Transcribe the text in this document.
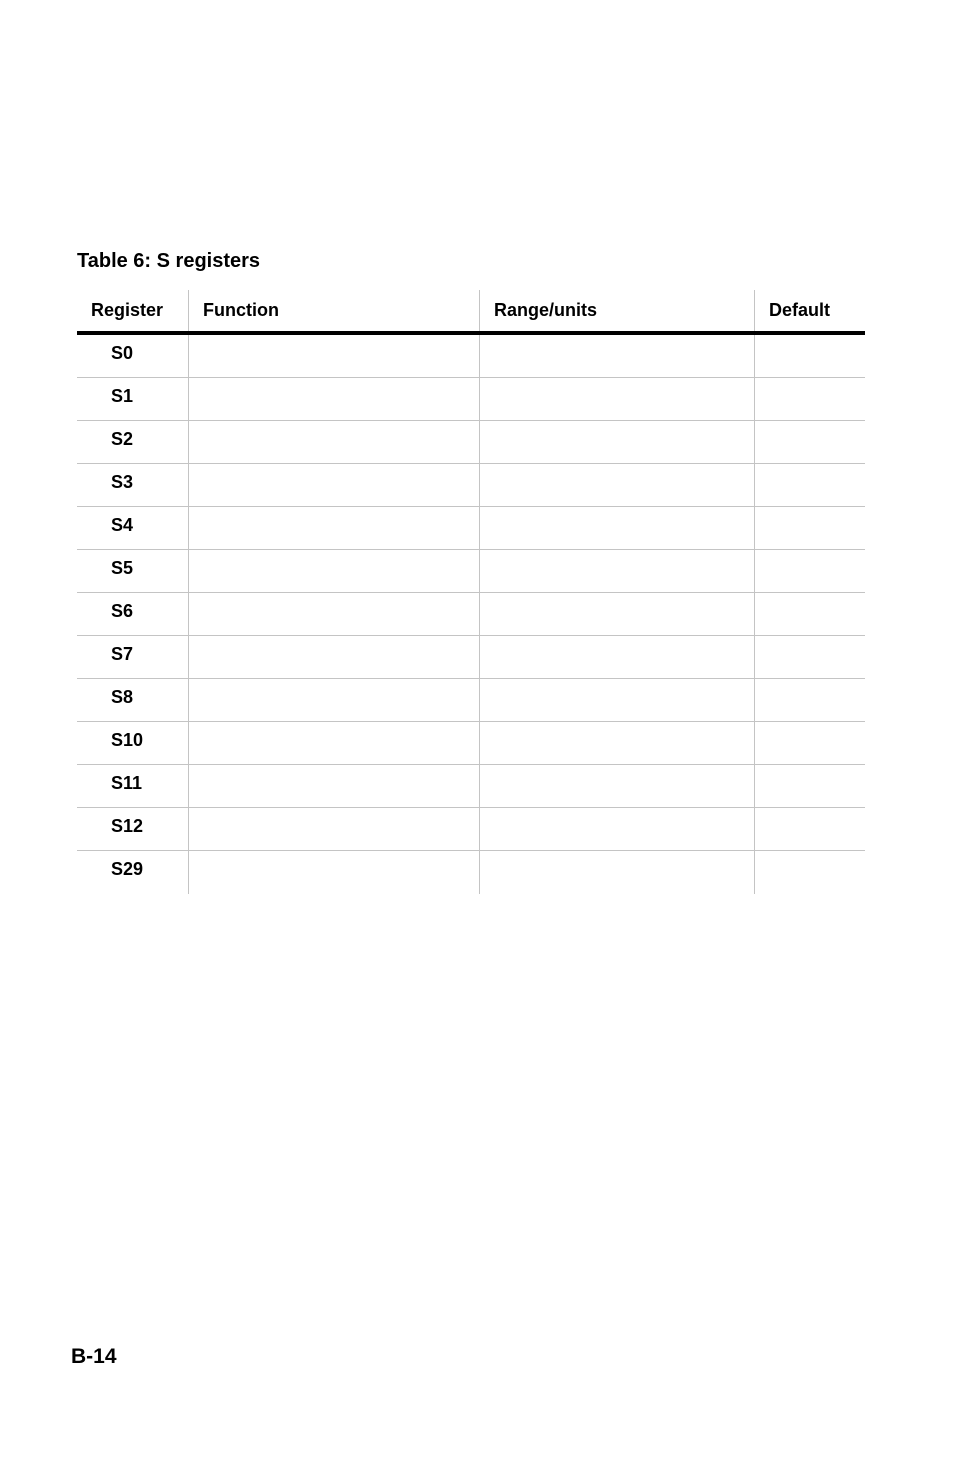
Table 6: S registers
Register	Function	Range/units	Default
S0
S1
S2
S3
S4
S5
S6
S7
S8
S10
S11
S12
S29
B-14
